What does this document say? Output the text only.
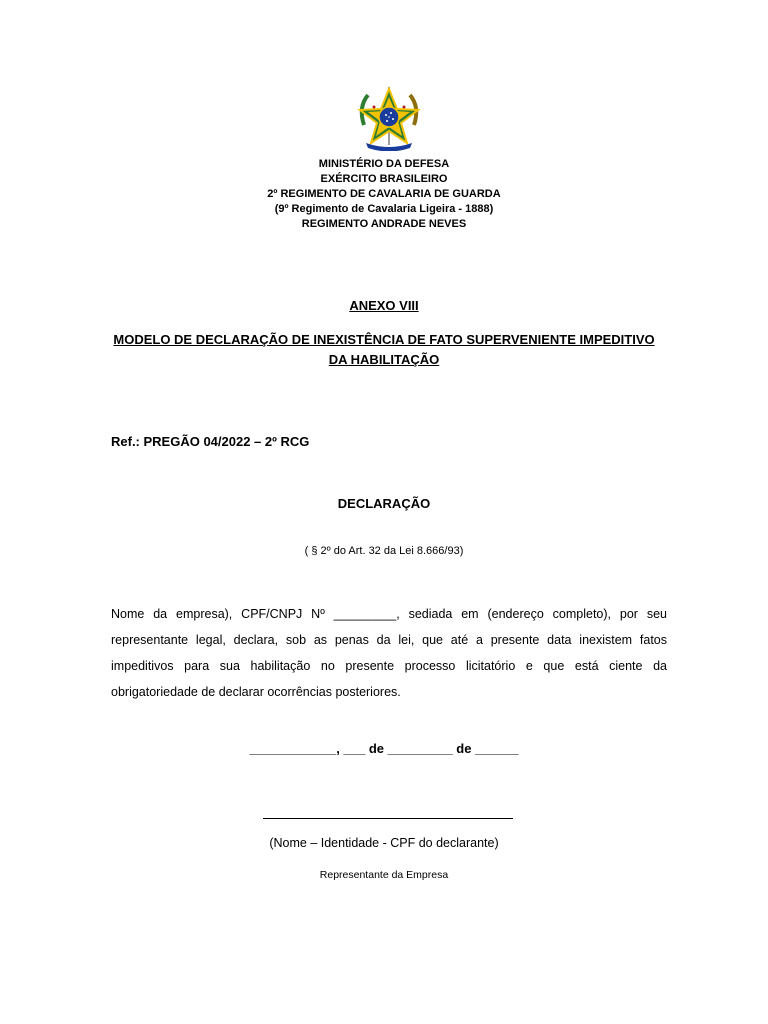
MINISTÉRIO DA DEFESA
EXÉRCITO BRASILEIRO
2º REGIMENTO DE CAVALARIA DE GUARDA
(9º Regimento de Cavalaria Ligeira - 1888)
REGIMENTO ANDRADE NEVES
ANEXO VIII
MODELO DE DECLARAÇÃO DE INEXISTÊNCIA DE FATO SUPERVENIENTE IMPEDITIVO
DA HABILITAÇÃO
Ref.: PREGÃO 04/2022 – 2º RCG
DECLARAÇÃO
( § 2º do Art. 32 da Lei 8.666/93)
Nome da empresa), CPF/CNPJ Nº _________, sediada em (endereço completo), por seu representante legal, declara, sob as penas da lei, que até a presente data inexistem fatos impeditivos para sua habilitação no presente processo licitatório e que está ciente da obrigatoriedade de declarar ocorrências posteriores.
____________, ___ de _________ de ______
(Nome – Identidade - CPF do declarante)
Representante da Empresa
